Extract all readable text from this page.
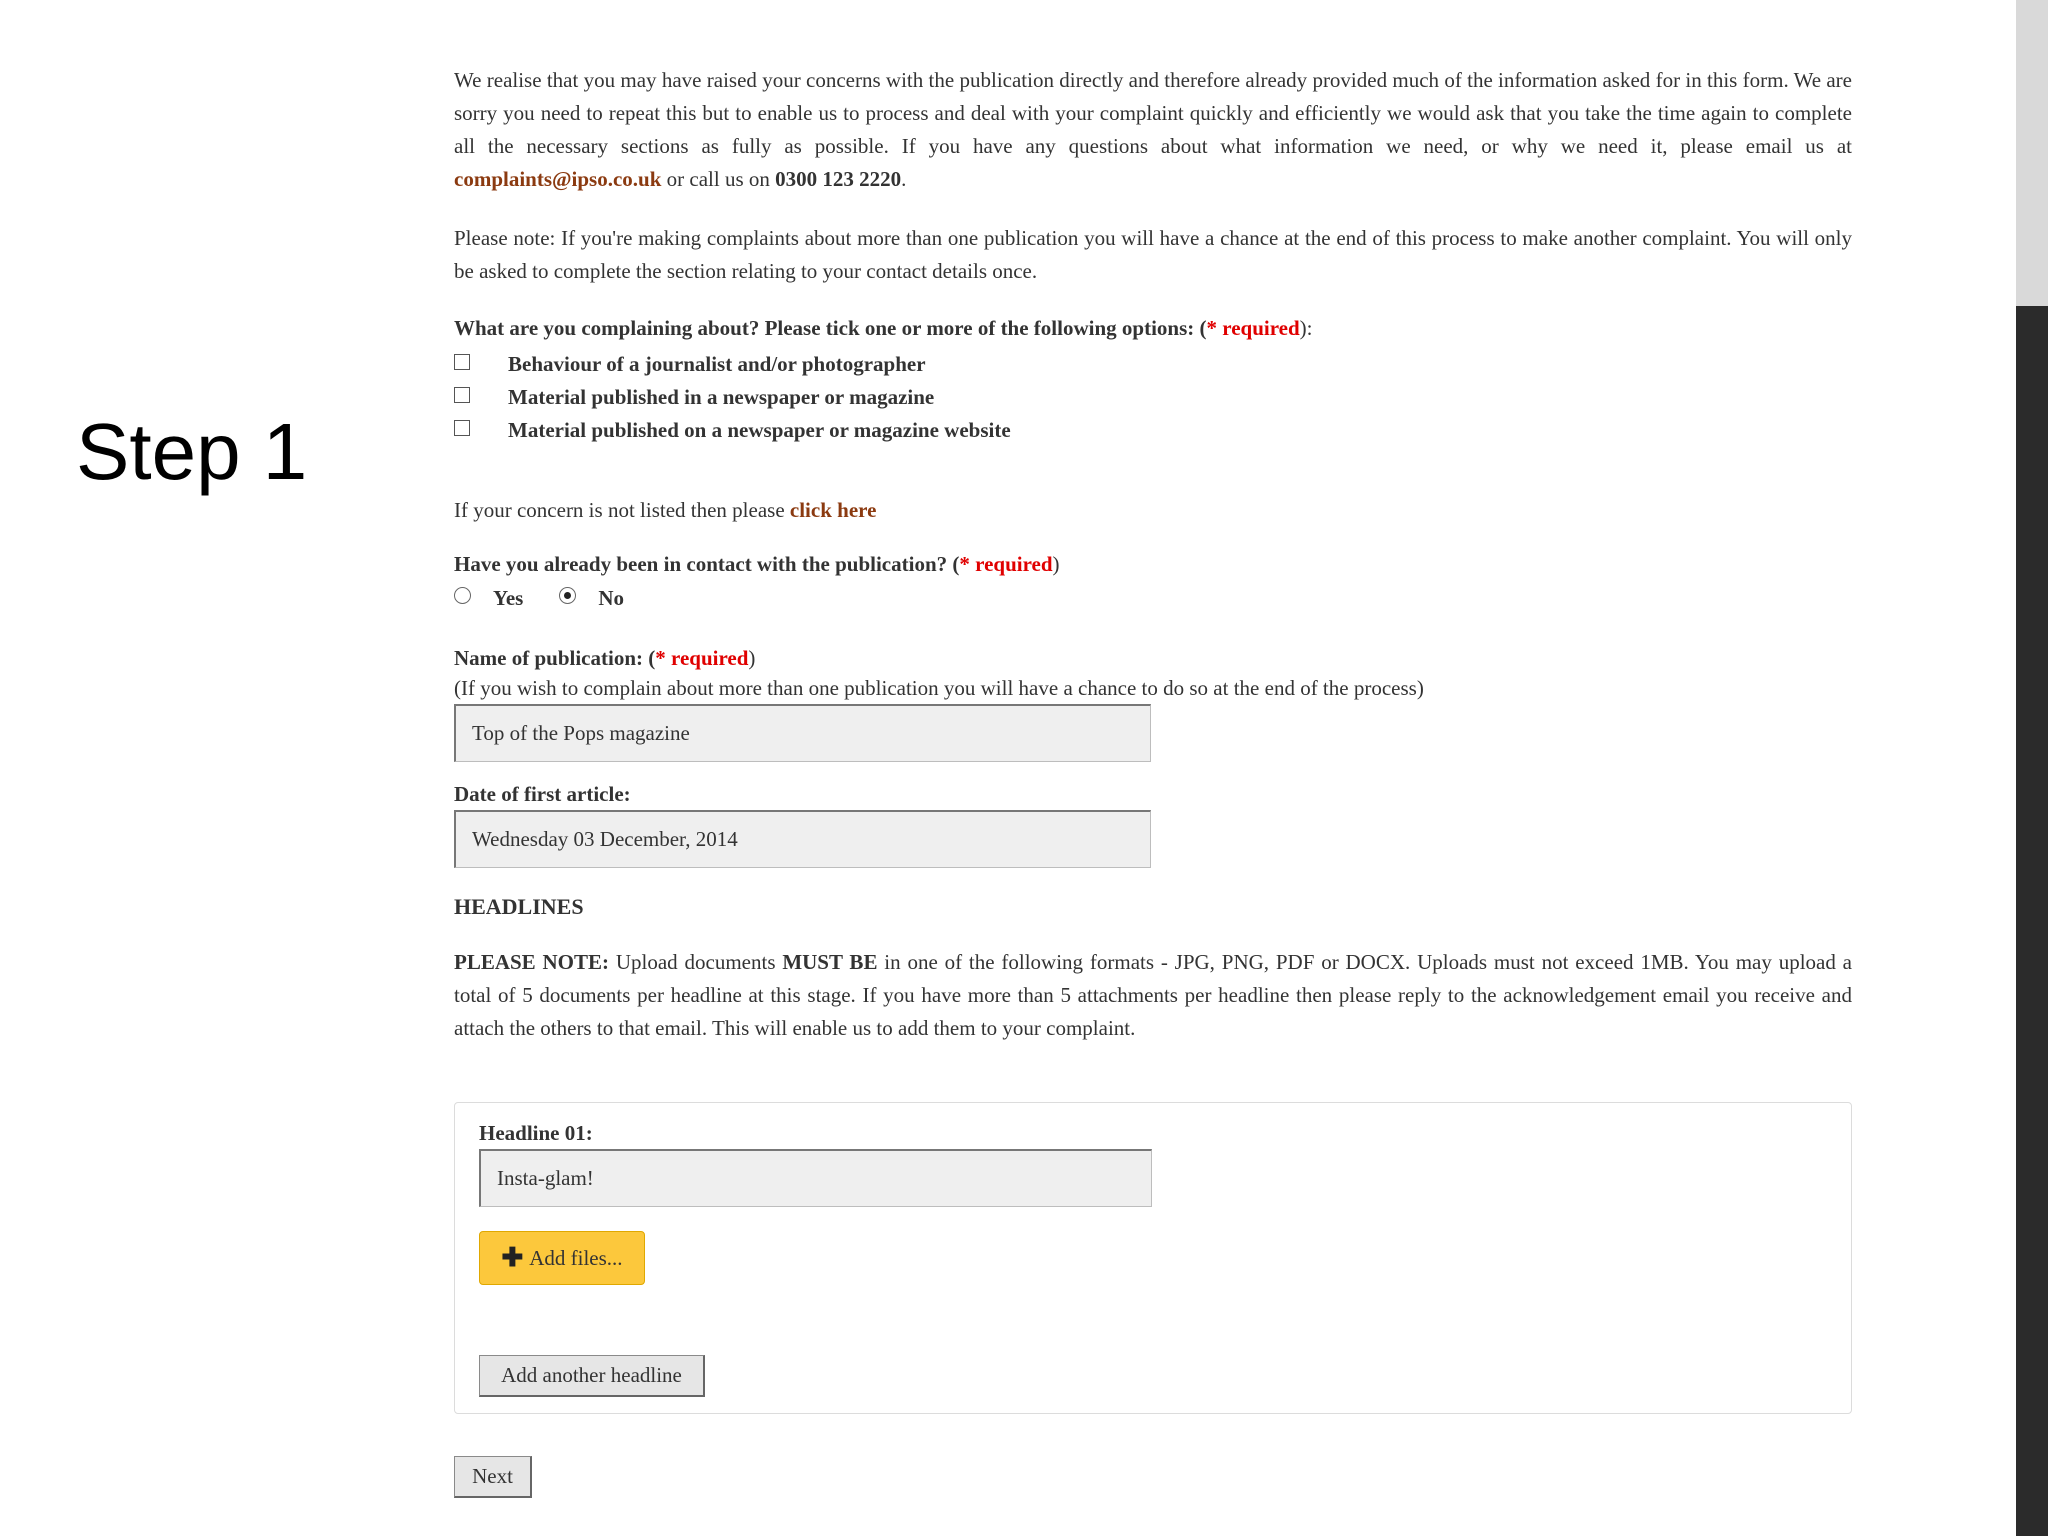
Step 1

We realise that you may have raised your concerns with the publication directly and therefore already provided much of the information asked for in this form. We are sorry you need to repeat this but to enable us to process and deal with your complaint quickly and efficiently we would ask that you take the time again to complete all the necessary sections as fully as possible. If you have any questions about what information we need, or why we need it, please email us at complaints@ipso.co.uk or call us on 0300 123 2220.

Please note: If you're making complaints about more than one publication you will have a chance at the end of this process to make another complaint. You will only be asked to complete the section relating to your contact details once.

What are you complaining about? Please tick one or more of the following options: (* required):
Behaviour of a journalist and/or photographer
Material published in a newspaper or magazine
Material published on a newspaper or magazine website
If your concern is not listed then please click here
Have you already been in contact with the publication? (* required)
Yes	No
Name of publication: (* required)
(If you wish to complain about more than one publication you will have a chance to do so at the end of the process)
Top of the Pops magazine
Date of first article:
Wednesday 03 December, 2014
HEADLINES

PLEASE NOTE: Upload documents MUST BE in one of the following formats - JPG, PNG, PDF or DOCX. Uploads must not exceed 1MB. You may upload a total of 5 documents per headline at this stage. If you have more than 5 attachments per headline then please reply to the acknowledgement email you receive and attach the others to that email. This will enable us to add them to your complaint.

Headline 01:
Insta-glam!
✚ Add files...
Add another headline
Next
